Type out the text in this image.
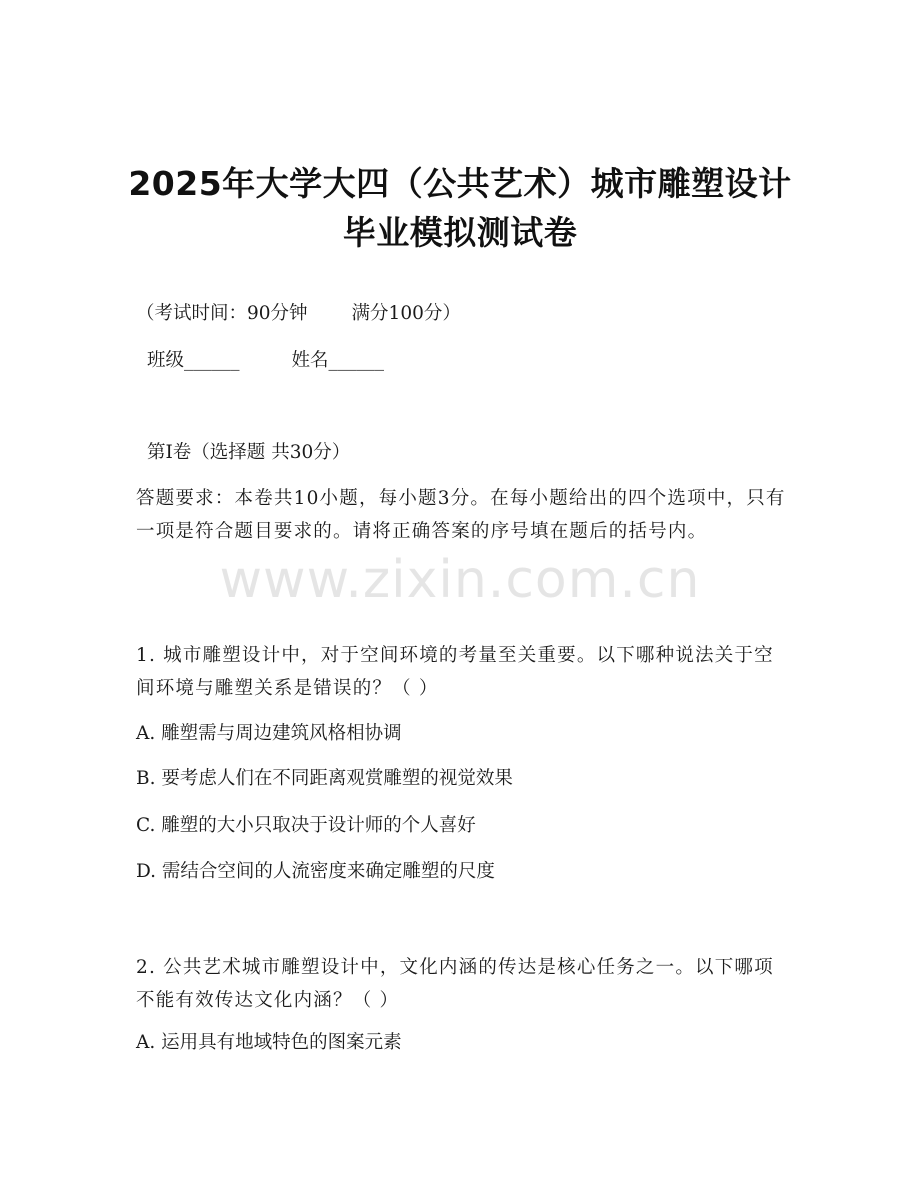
2025年大学大四（公共艺术）城市雕塑设计
毕业模拟测试卷
（考试时间：90分钟 满分100分）
班级______	姓名______
第I卷（选择题 共30分）
答题要求：本卷共10小题，每小题3分。在每小题给出的四个选项中，只有一项是符合题目要求的。请将正确答案的序号填在题后的括号内。
www.zixin.com.cn
1. 城市雕塑设计中，对于空间环境的考量至关重要。以下哪种说法关于空间环境与雕塑关系是错误的？（ ）
A. 雕塑需与周边建筑风格相协调
B. 要考虑人们在不同距离观赏雕塑的视觉效果
C. 雕塑的大小只取决于设计师的个人喜好
D. 需结合空间的人流密度来确定雕塑的尺度
2. 公共艺术城市雕塑设计中，文化内涵的传达是核心任务之一。以下哪项不能有效传达文化内涵？（ ）
A. 运用具有地域特色的图案元素
